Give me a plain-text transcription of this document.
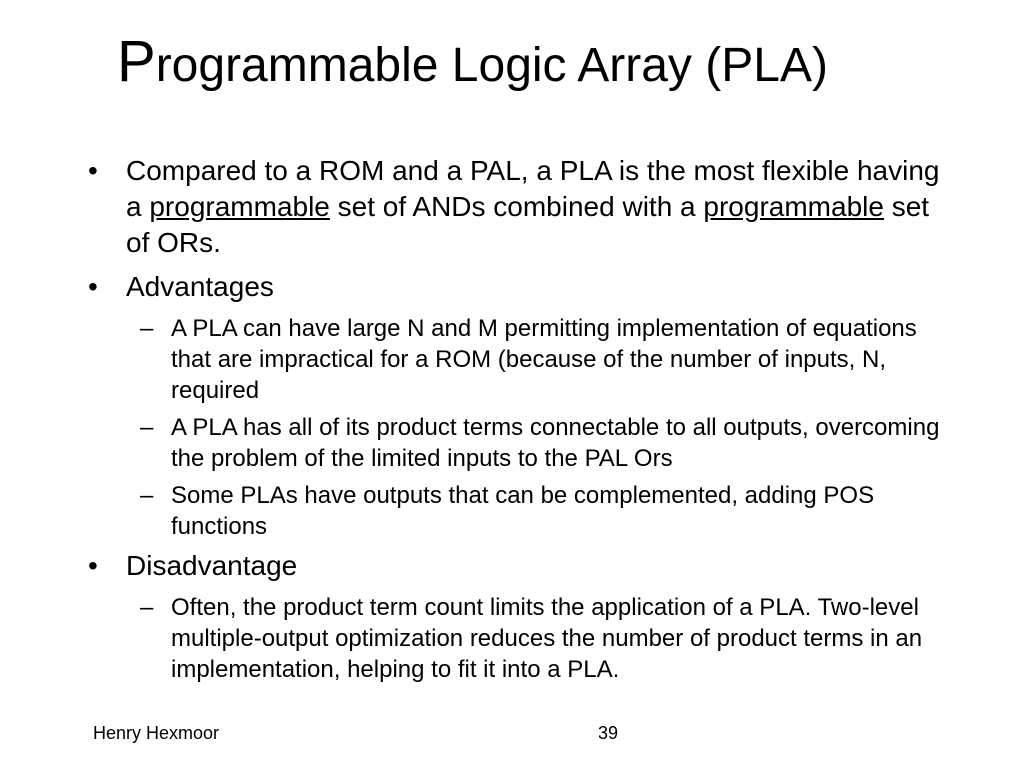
Programmable Logic Array (PLA)
• Compared to a ROM and a PAL, a PLA is the most flexible having a programmable set of ANDs combined with a programmable set of ORs.
• Advantages
– A PLA can have large N and M permitting implementation of equations that are impractical for a ROM (because of the number of inputs, N, required
– A PLA has all of its product terms connectable to all outputs, overcoming the problem of the limited inputs to the PAL Ors
– Some PLAs have outputs that can be complemented, adding POS functions
• Disadvantage
– Often, the product term count limits the application of a PLA. Two-level multiple-output optimization reduces the number of product terms in an implementation, helping to fit it into a PLA.
Henry Hexmoor	39
